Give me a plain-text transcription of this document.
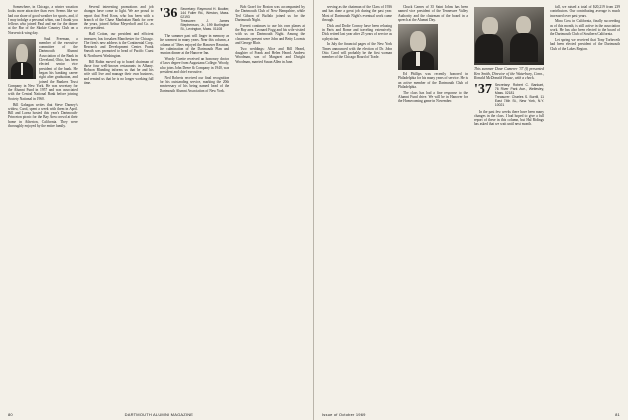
Somewhere, in Chicago, a winter vacation looks more attractive than ever. Seems like we had our share of good weather for sports, and, if I may indulge a personal whim, can I thank you fellows who joined Paul and me for the dinner at the Bar of the Skokie Country Club on a Norsewick wing day.

Saul Freeman, a member of the executive committee of the Dartmouth Alumni Association of the Bank in Cleveland, Ohio, has been elected senior vice president of the bank. He began his banking career right after graduation, and joined the Bankers Trust Company in New York. He was secretary for the Alumni Fund in 1957 and was associated with the Central National Bank before joining Society National in 1960.

Bill Gahagan writes that Steve Darney's widow, Carol, spent a week with them in April. Bill and Lorna hosted this year's Dartmouth-Princeton picnic for the Bay Area crowd at their home in Atherton, California. They were thoroughly enjoyed by the entire family.

Several interesting promotions and job changes have come to light. We are proud to report that Fred Kron, who has been with a branch of the Chase Manhattan Bank for over the years, joined Arthur Meyerhoff and Co. as vice president.

Hall Cotton, our president and efficient treasurer, has forsaken Manchester for Chicago. The firm's new address is the Continental Corp. Research and Development Center. Frank Sneath was promoted to head of Pacific Coast & Northwest Washington.

Bill Rubin moved up to board chairman of those four well-known restaurants in Albany. Robson Blanding informs us that he and his wife still live and manage their own business, and remind us that he is no longer working full time.

'36 Secretary: Raymond H. Boulter, 144 Fuller Rd., Weston, Mass. 02193
Treasurer: J. James Stephenson, Jr., 199 Burlington St., Lexington, Mass. 01108

The summer past will linger in memory as the warmest in many years. Near this column, a column of '36ers enjoyed the Hanover Reunion, the culmination of the Dartmouth Plan and reunion dinner at the Hanover Inn.

Woody Goette received an honorary doctor of laws degree from Augustana College. Woody, who joins John Deere & Company in 1940, was president and chief executive.

Ned Roberts received our final recognition for his outstanding service, marking the 20th anniversary of his being named head of the Dartmouth Alumni Association of New York.

Bob Graef for Boston was accompanied by the Dartmouth Club of New Hampshire, while Ted Gibson of Buffalo joined us for the Dartmouth Night.

Everett continues to use his own planes at the Bay area. Leonard Fogg and his wife visited with us on Dartmouth Night. Among the classmates present were John and Betty Loomis and George Blair.

Two weddings: Alice and Bill Heard, daughter of Frank and Helen Heard. Andrew Woodman, son of Margaret and Dwight Woodman, married Susan Allen in June.

80	DARTMOUTH ALUMNI MAGAZINE

serving as the chairman of the Class of 1936 and has done a great job during the past year. Most of Dartmouth Night's eventual work came through.

Dick and Dodie Conroy have been relaxing in Paris and Rome and traveling extensively. Dick retired last year after 25 years of service as a physician.

In July the financial pages of the New York Times announced with the election of Dr. John Otto. Carol will probably be the first woman member of the Chicago Board of Trade.

Chuck Carnes of 35 Saint Johns has been named vice president of the Tennessee Valley Authority and the chairman of the board in a speech at the Alumni Day.

Ed Phillips was recently honored in Philadelphia for his many years of service. He is an active member of the Dartmouth Club of Philadelphia.

The class has had a fine response to the Alumni Fund drive. We will be in Hanover for the Homecoming game in November.

This summer Dave Camerer '37 (l) presented Ken Smith, Director of the Waterbury, Conn., Ronald McDonald House, with a check.
'37 Secretary: Robert C. Bankart, 76 River Park Ave., Wellesley, Mass. 02181
Treasurer: Charles S. Burrill, 11 East 74th St., New York, N.Y. 10021

In the past few weeks there have been many changes in the class. I had hoped to give a full report of these in this column, but Hal Ridings has asked that we wait until next month.

fall, we raised a total of $20,219 from 239 contributors. Our contributing average is much increased over past years.

Mina Coss in California, finally succeeding as of this month, is still active in the association work. He has also been elected to the board of the Dartmouth Club of Southern California.

Let spring we received that Tony Torbeceth had been elected president of the Dartmouth Club of the Lakes Region.

Issue of October 1969	81
